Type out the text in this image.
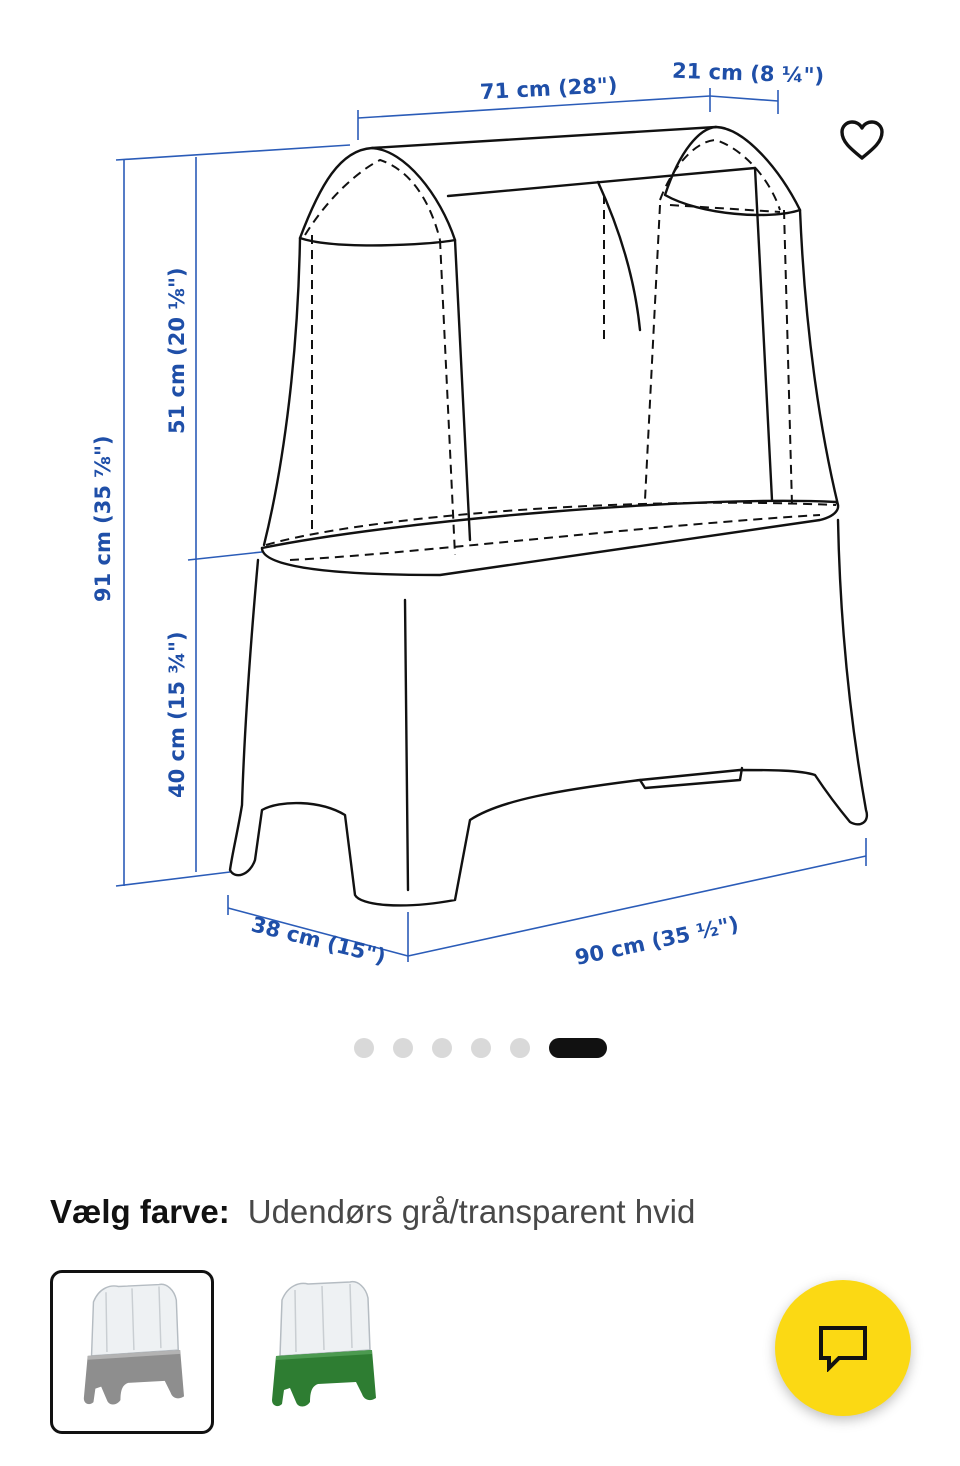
71 cm (28")	21 cm (8 ¼")
91 cm (35 ⅞")
51 cm (20 ⅛")
40 cm (15 ¾")
38 cm (15")	90 cm (35 ½")
Vælg farve: Udendørs grå/transparent hvid
